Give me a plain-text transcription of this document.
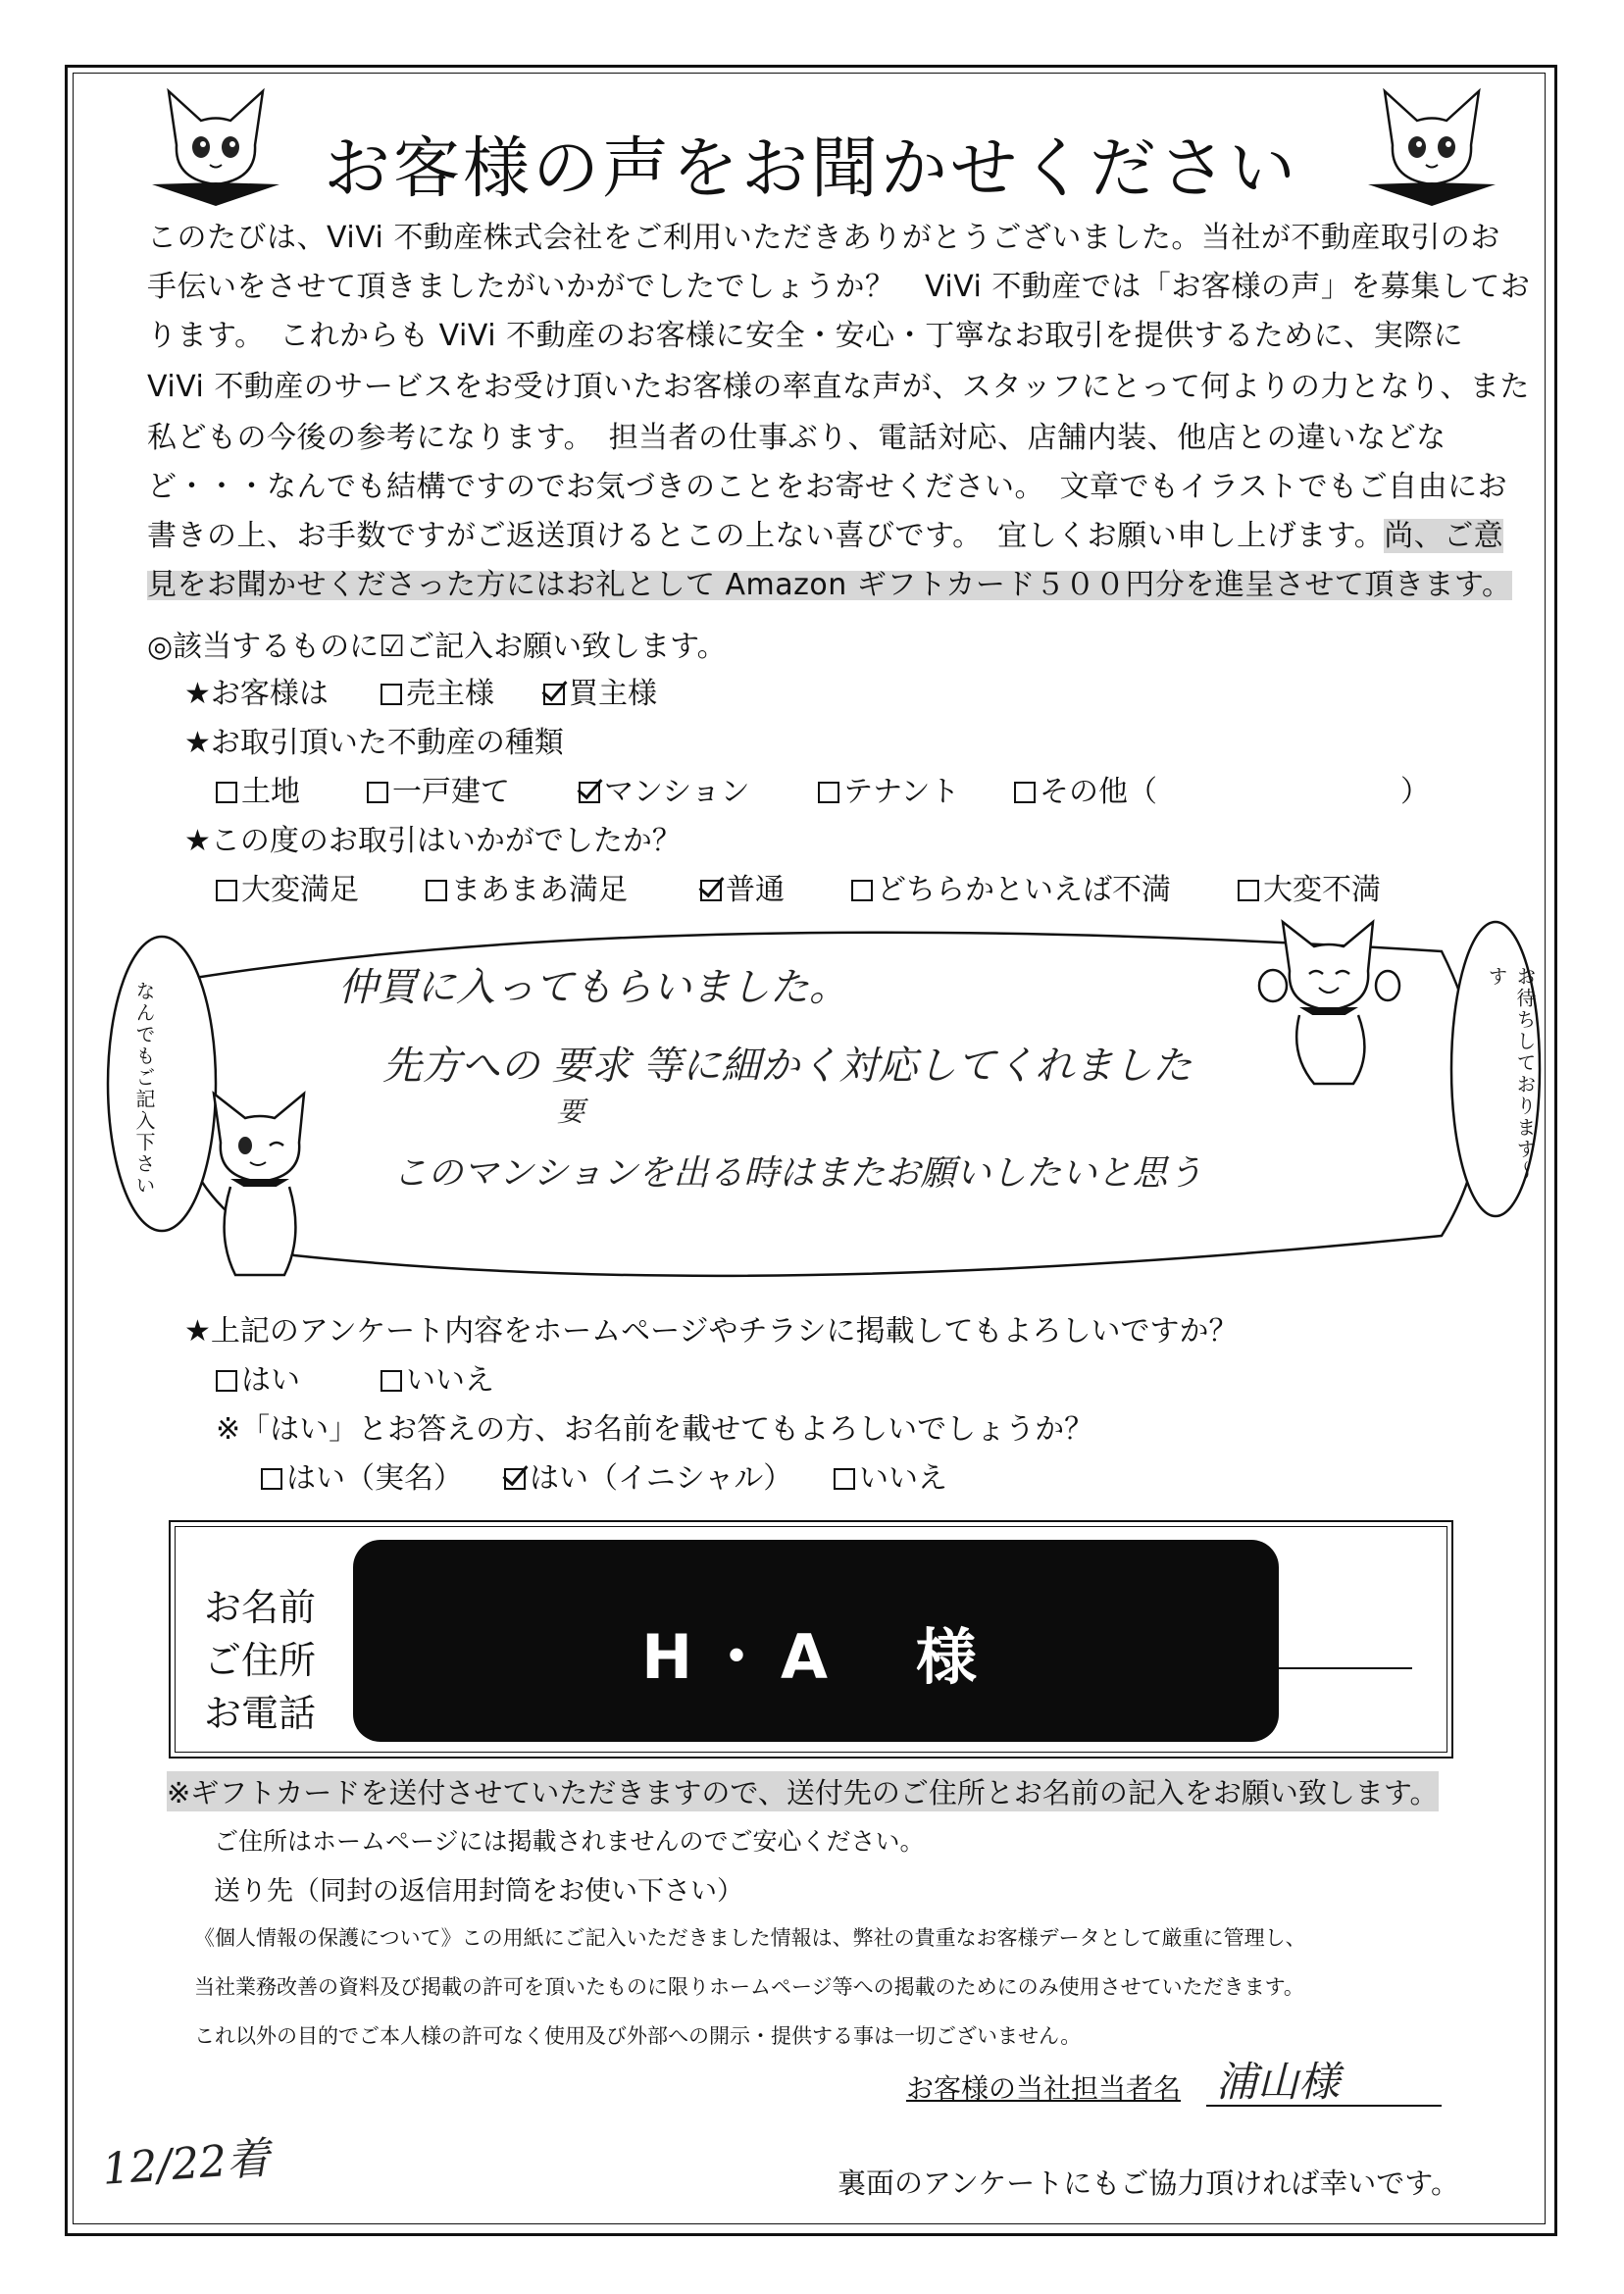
お客様の声をお聞かせください
このたびは、ViVi 不動産株式会社をご利用いただきありがとうございました。当社が不動産取引のお
手伝いをさせて頂きましたがいかがでしたでしょうか？　ViVi 不動産では「お客様の声」を募集してお
ります。　これからも ViVi 不動産のお客様に安全・安心・丁寧なお取引を提供するために、実際に
ViVi 不動産のサービスをお受け頂いたお客様の率直な声が、スタッフにとって何よりの力となり、また
私どもの今後の参考になります。　担当者の仕事ぶり、電話対応、店舗内装、他店との違いなどな
ど・・・なんでも結構ですのでお気づきのことをお寄せください。　文章でもイラストでもご自由にお
書きの上、お手数ですがご返送頂けるとこの上ない喜びです。　宜しくお願い申し上げます。尚、ご意
見をお聞かせくださった方にはお礼として Amazon ギフトカード５００円分を進呈させて頂きます。
◎該当するものに☑ご記入お願い致します。
★お客様は	売主様	買主様
★お取引頂いた不動産の種類
土地	一戸建て	マンション	テナント	その他（	）
★この度のお取引はいかがでしたか？
大変満足	まあまあ満足	普通	どちらかといえば不満	大変不満
なんでもご記入下さい	お待ちしております〜す
仲買に入ってもらいました。
先方への 要求 等に細かく対応してくれました
要
このマンションを出る時はまたお願いしたいと思う
★上記のアンケート内容をホームページやチラシに掲載してもよろしいですか？
はい	いいえ
※「はい」とお答えの方、お名前を載せてもよろしいでしょうか？
はい（実名）	はい（イニシャル）	いいえ
お名前
ご住所
お電話
H・A　様
※ギフトカードを送付させていただきますので、送付先のご住所とお名前の記入をお願い致します。
ご住所はホームページには掲載されませんのでご安心ください。
送り先（同封の返信用封筒をお使い下さい）
《個人情報の保護について》この用紙にご記入いただきました情報は、弊社の貴重なお客様データとして厳重に管理し、
当社業務改善の資料及び掲載の許可を頂いたものに限りホームページ等への掲載のためにのみ使用させていただきます。
これ以外の目的でご本人様の許可なく使用及び外部への開示・提供する事は一切ございません。
お客様の当社担当者名 浦山様
12/22着	裏面のアンケートにもご協力頂ければ幸いです。
